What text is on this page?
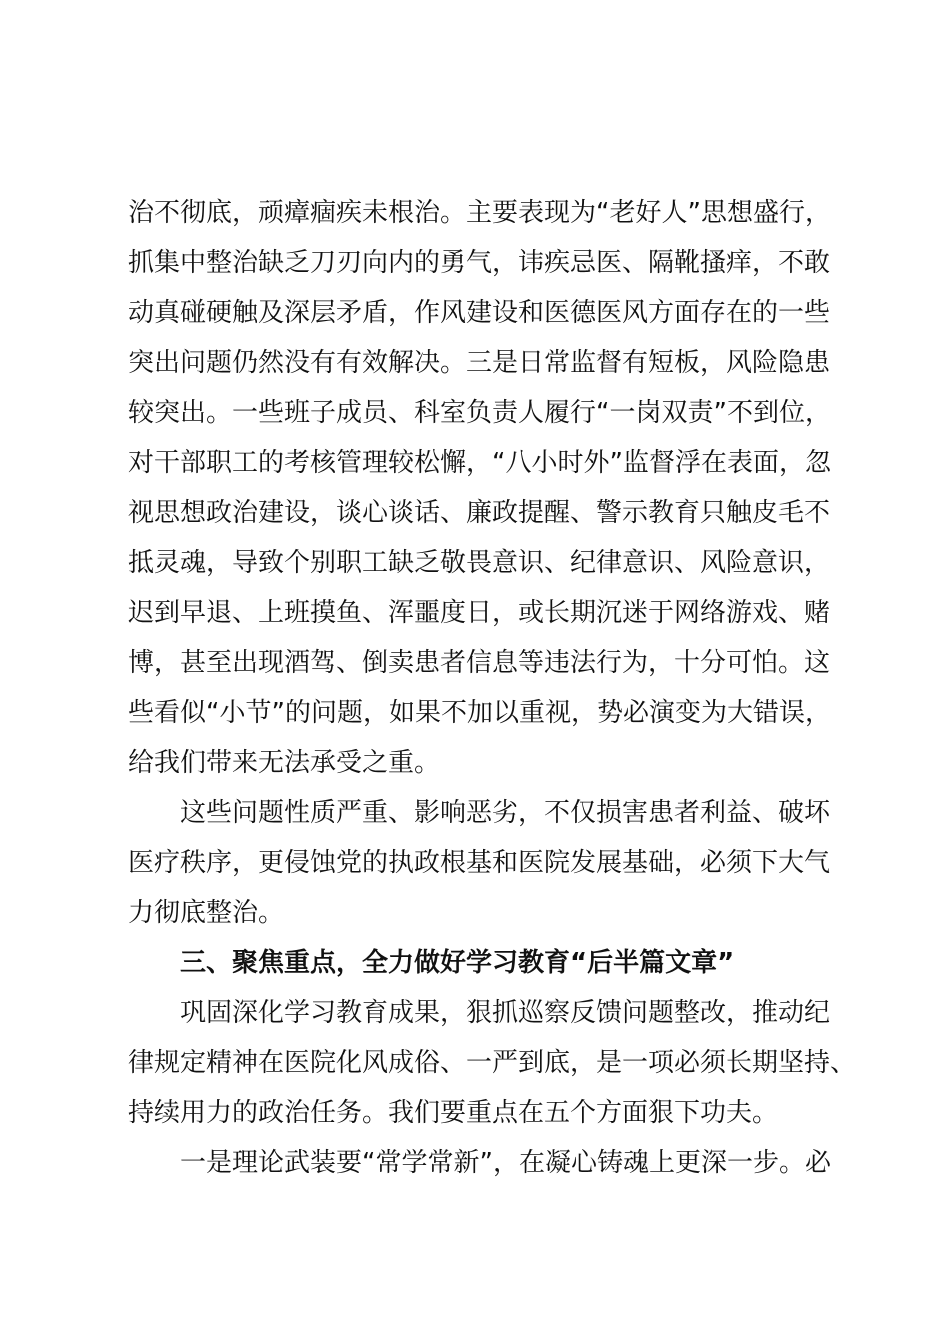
治不彻底，顽瘴痼疾未根治。主要表现为“老好人”思想盛行，
抓集中整治缺乏刀刃向内的勇气，讳疾忌医、隔靴搔痒，不敢
动真碰硬触及深层矛盾，作风建设和医德医风方面存在的一些
突出问题仍然没有有效解决。三是日常监督有短板，风险隐患
较突出。一些班子成员、科室负责人履行“一岗双责”不到位，
对干部职工的考核管理较松懈，“八小时外”监督浮在表面，忽
视思想政治建设，谈心谈话、廉政提醒、警示教育只触皮毛不
抵灵魂，导致个别职工缺乏敬畏意识、纪律意识、风险意识，
迟到早退、上班摸鱼、浑噩度日，或长期沉迷于网络游戏、赌
博，甚至出现酒驾、倒卖患者信息等违法行为，十分可怕。这
些看似“小节”的问题，如果不加以重视，势必演变为大错误，
给我们带来无法承受之重。
这些问题性质严重、影响恶劣，不仅损害患者利益、破坏
医疗秩序，更侵蚀党的执政根基和医院发展基础，必须下大气
力彻底整治。
三、聚焦重点，全力做好学习教育“后半篇文章”
巩固深化学习教育成果，狠抓巡察反馈问题整改，推动纪
律规定精神在医院化风成俗、一严到底，是一项必须长期坚持、
持续用力的政治任务。我们要重点在五个方面狠下功夫。
一是理论武装要“常学常新”，在凝心铸魂上更深一步。必
